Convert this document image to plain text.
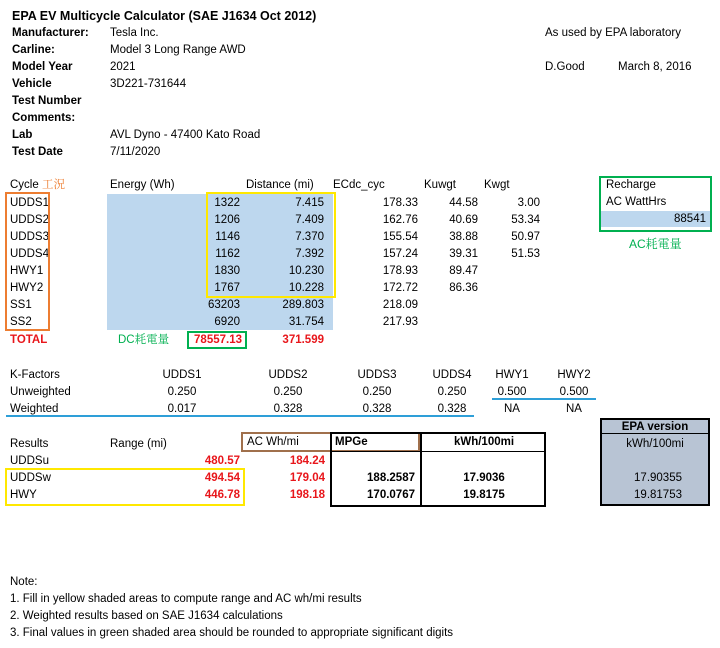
EPA EV Multicycle Calculator (SAE J1634 Oct 2012)
Manufacturer: Tesla Inc.	As used by EPA laboratory
Carline:	Model 3 Long Range AWD
Model Year	2021	D.Good	March 8, 2016
Vehicle	3D221-731644
Test Number
Comments:
Lab	AVL Dyno - 47400 Kato Road
Test Date	7/11/2020
Cycle 工況	Energy (Wh)	Distance (mi) ECdc_cyc	Kuwgt Kwgt
UDDS1	1322	7.415	178.33	44.58	3.00
UDDS2	1206	7.409	162.76	40.69	53.34
UDDS3	1146	7.370	155.54	38.88	50.97
UDDS4	1162	7.392	157.24	39.31	51.53
HWY1	1830	10.230	178.93	89.47
HWY2	1767	10.228	172.72	86.36
SS1	63203	289.803	218.09
SS2	6920	31.754	217.93
TOTAL	DC耗電量 78557.13	371.599
Recharge
AC WattHrs
88541
AC耗電量
K-Factors	UDDS1	UDDS2	UDDS3	UDDS4	HWY1	HWY2
Unweighted	0.250	0.250	0.250	0.250	0.500	0.500
Weighted	0.017	0.328	0.328	0.328	NA	NA
EPA version
kWh/100mi
Results	Range (mi)	AC Wh/mi	MPGe	kWh/100mi
UDDSu	480.57	184.24
UDDSw	494.54	179.04	188.2587	17.9036	17.90355
HWY	446.78	198.18	170.0767	19.8175	19.81753
Note:
1. Fill in yellow shaded areas to compute range and AC wh/mi results
2. Weighted results based on SAE J1634 calculations
3. Final values in green shaded area should be rounded to appropriate significant digits
